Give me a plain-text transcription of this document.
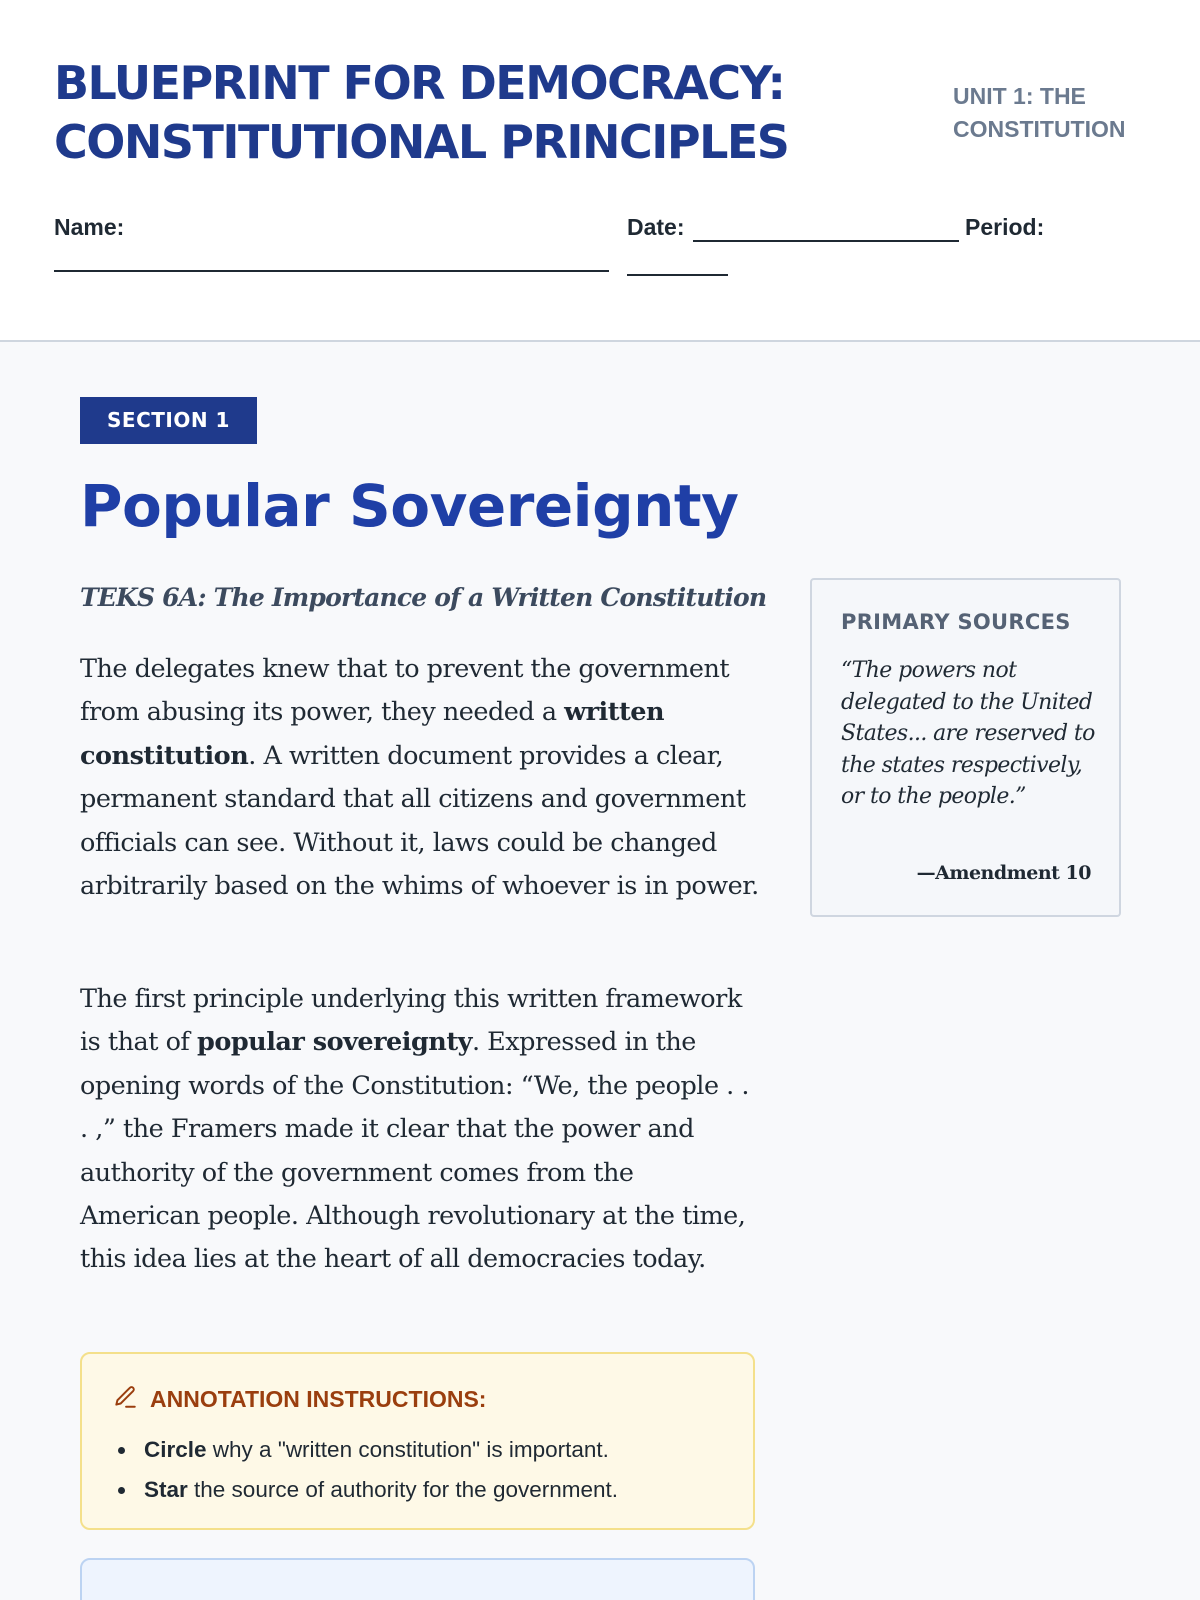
BLUEPRINT FOR DEMOCRACY:
CONSTITUTIONAL PRINCIPLES
UNIT 1: THE
CONSTITUTION
Name:	Date:	Period:
SECTION 1
Popular Sovereignty
TEKS 6A: The Importance of a Written Constitution

The delegates knew that to prevent the government from abusing its power, they needed a written constitution. A written document provides a clear, permanent standard that all citizens and government officials can see. Without it, laws could be changed arbitrarily based on the whims of whoever is in power.

The first principle underlying this written framework is that of popular sovereignty. Expressed in the opening words of the Constitution: “We, the people . . . ,” the Framers made it clear that the power and authority of the government comes from the American people. Although revolutionary at the time, this idea lies at the heart of all democracies today.

PRIMARY SOURCES
“The powers not delegated to the United States... are reserved to the states respectively, or to the people.”
—Amendment 10
ANNOTATION INSTRUCTIONS:
Circle why a "written constitution" is important.
Star the source of authority for the government.
